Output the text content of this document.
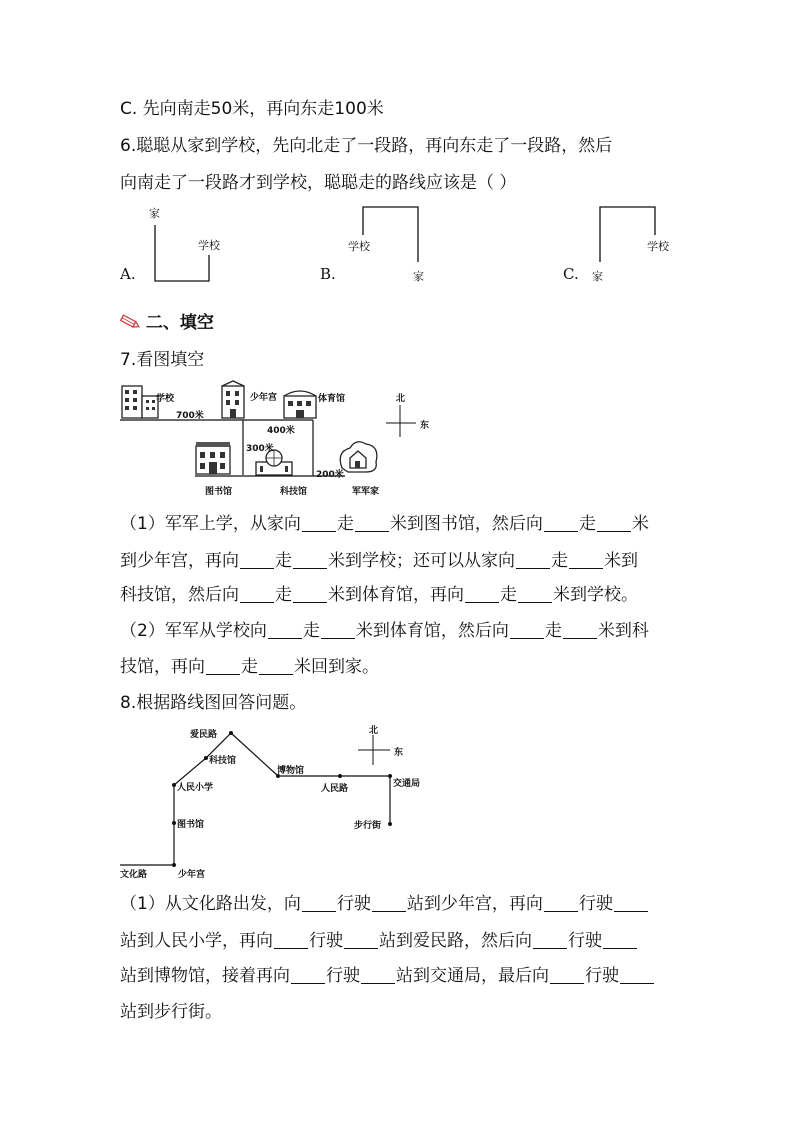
C. 先向南走50米，再向东走100米
6.聪聪从家到学校，先向北走了一段路，再向东走了一段路，然后
向南走了一段路才到学校，聪聪走的路线应该是（ ）
A.
家
学校
B.
学校
家	C. 家
学校
二、填空
7.看图填空
学校	少年宫	体育馆
700米
400米
300米
200米
图书馆	科技馆	军军家
北
东
（1）军军上学，从家向 走 米到图书馆，然后向 走 米
到少年宫，再向 走 米到学校；还可以从家向 走 米到
科技馆，然后向 走 米到体育馆，再向 走 米到学校。
（2）军军从学校向 走 米到体育馆，然后向 走 米到科
技馆，再向 走 米回到家。
8.根据路线图回答问题。
文化路	少年宫
图书馆
人民小学
科技馆
爱民路
博物馆
人民路	交通局
步行街
北
东
（1）从文化路出发，向 行驶 站到少年宫，再向 行驶
站到人民小学，再向 行驶 站到爱民路，然后向 行驶
站到博物馆，接着再向 行驶 站到交通局，最后向 行驶
站到步行街。
